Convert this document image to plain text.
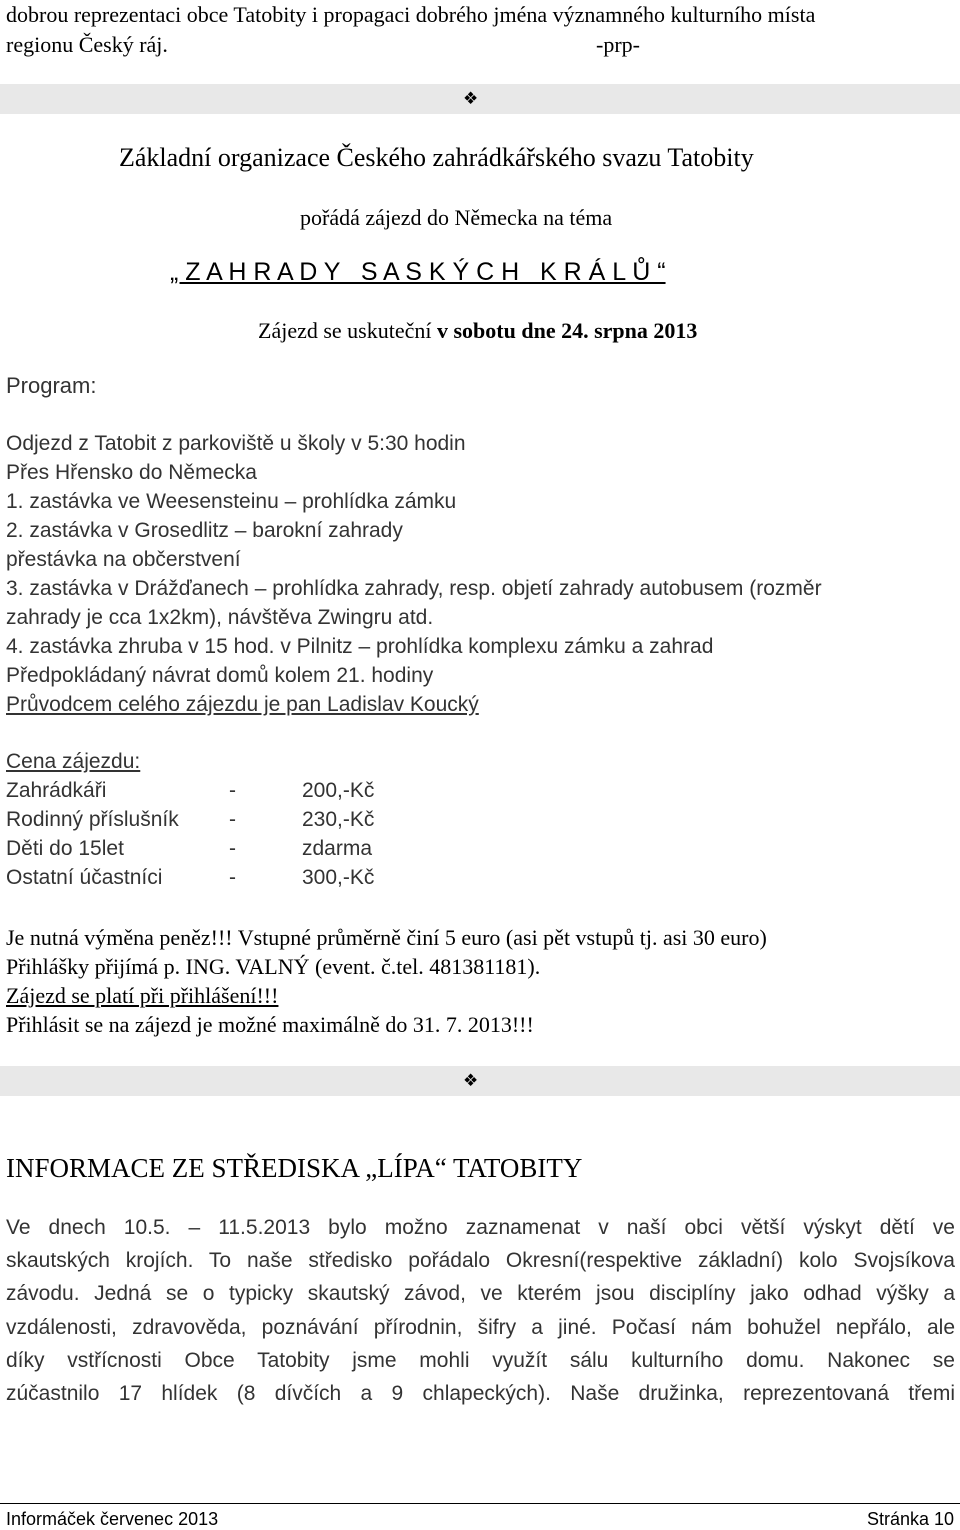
dobrou reprezentaci obce Tatobity i propagaci dobrého jména významného kulturního místa
regionu Český ráj.	-prp-
❖
Základní organizace Českého zahrádkářského svazu Tatobity
pořádá zájezd do Německa na téma
„ Z A H R A D Y   S A S K Ý C H   K R Á L Ů “
Zájezd se uskuteční v sobotu dne 24. srpna 2013
Program:
Odjezd z Tatobit z parkoviště u školy v 5:30 hodin
Přes Hřensko do Německa
1. zastávka ve Weesensteinu – prohlídka zámku
2. zastávka v Grosedlitz – barokní zahrady
přestávka na občerstvení
3. zastávka v Drážďanech – prohlídka zahrady, resp. objetí zahrady autobusem (rozměr
zahrady je cca 1x2km), návštěva Zwingru atd.
4. zastávka zhruba v 15 hod. v Pilnitz – prohlídka komplexu zámku a zahrad
Předpokládaný návrat domů kolem 21. hodiny
Průvodcem celého zájezdu je pan Ladislav Koucký
Cena zájezdu:
Zahrádkáři	-	200,-Kč
Rodinný příslušník -	230,-Kč
Děti do 15let	-	zdarma
Ostatní účastníci	-	300,-Kč
Je nutná výměna peněz!!! Vstupné průměrně činí 5 euro (asi pět vstupů tj. asi 30 euro)
Přihlášky přijímá p. ING. VALNÝ (event. č.tel. 481381181).
Zájezd se platí při přihlášení!!!
Přihlásit se na zájezd je možné maximálně do 31. 7. 2013!!!
❖
INFORMACE ZE STŘEDISKA „LÍPA“ TATOBITY
Ve dnech 10.5. – 11.5.2013 bylo možno zaznamenat v naší obci větší výskyt dětí ve
skautských krojích. To naše středisko pořádalo Okresní(respektive základní) kolo Svojsíkova
závodu. Jedná se o typicky skautský závod, ve kterém jsou disciplíny jako odhad výšky a
vzdálenosti, zdravověda, poznávání přírodnin, šifry a jiné. Počasí nám bohužel nepřálo, ale
díky vstřícnosti Obce Tatobity jsme mohli využít sálu kulturního domu. Nakonec se
zúčastnilo 17 hlídek (8 dívčích a 9 chlapeckých). Naše družinka, reprezentovaná třemi
Informáček červenec 2013	Stránka 10
